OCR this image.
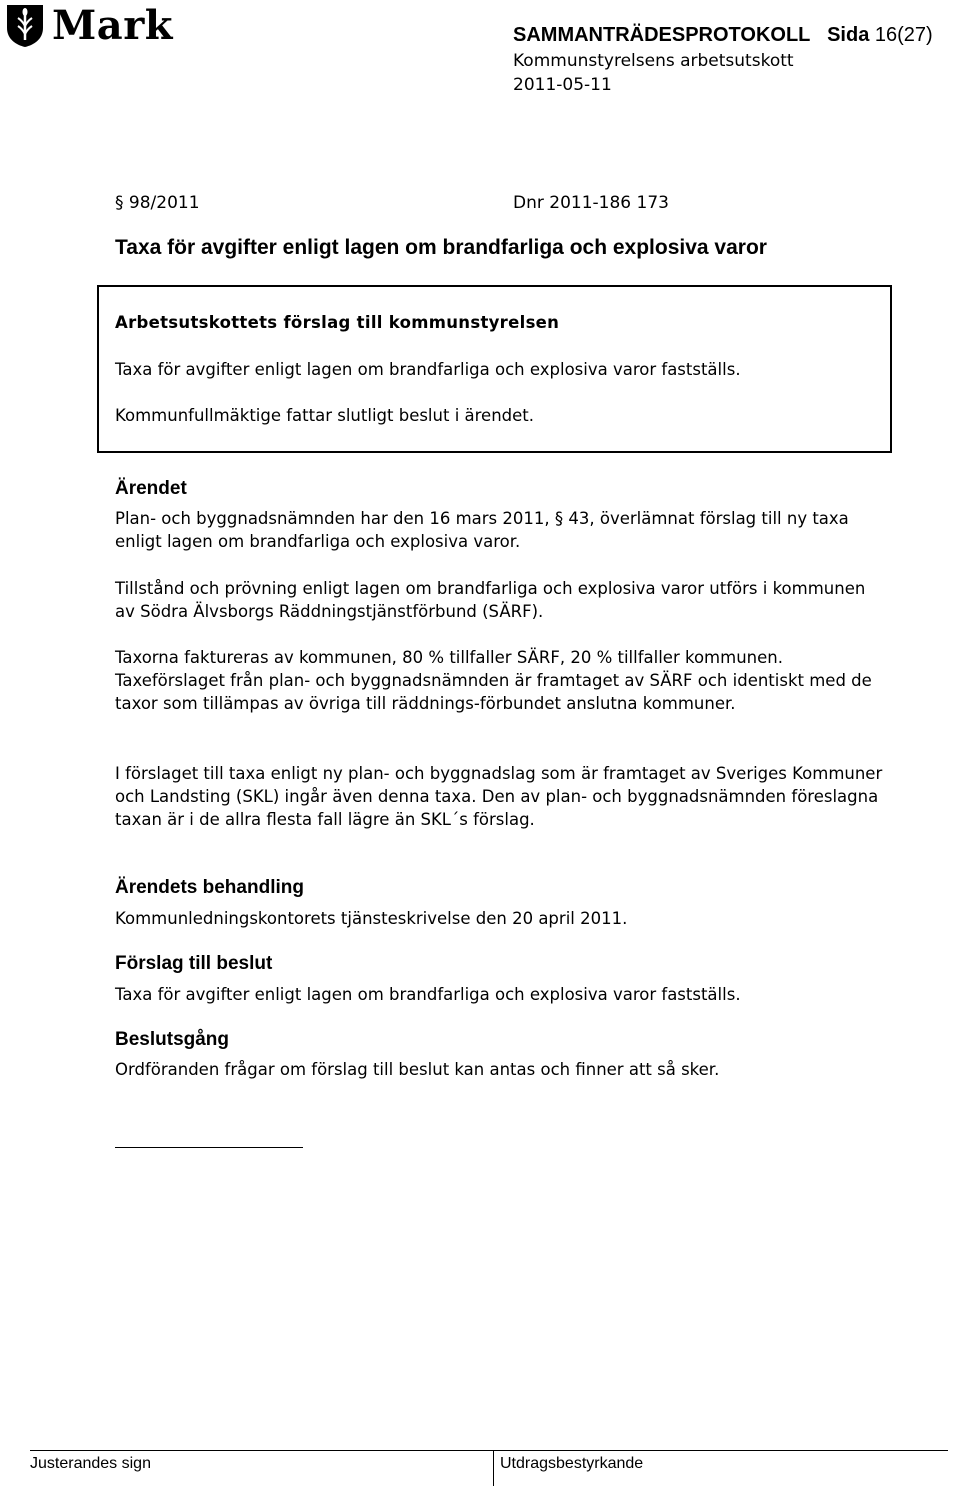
Mark	SAMMANTRÄDESPROTOKOLL Sida 16(27)
Kommunstyrelsens arbetsutskott
2011-05-11
§ 98/2011	Dnr 2011-186 173
Taxa för avgifter enligt lagen om brandfarliga och explosiva varor
Arbetsutskottets förslag till kommunstyrelsen
Taxa för avgifter enligt lagen om brandfarliga och explosiva varor fastställs.
Kommunfullmäktige fattar slutligt beslut i ärendet.
Ärendet
Plan- och byggnadsnämnden har den 16 mars 2011, § 43, överlämnat förslag till ny taxa enligt lagen om brandfarliga och explosiva varor.
Tillstånd och prövning enligt lagen om brandfarliga och explosiva varor utförs i kommunen av Södra Älvsborgs Räddningstjänstförbund (SÄRF).
Taxorna faktureras av kommunen, 80 % tillfaller SÄRF, 20 % tillfaller kommunen. Taxeförslaget från plan- och byggnadsnämnden är framtaget av SÄRF och identiskt med de taxor som tillämpas av övriga till räddnings-förbundet anslutna kommuner.
I förslaget till taxa enligt ny plan- och byggnadslag som är framtaget av Sveriges Kommuner och Landsting (SKL) ingår även denna taxa. Den av plan- och byggnadsnämnden föreslagna taxan är i de allra flesta fall lägre än SKL´s förslag.
Ärendets behandling
Kommunledningskontorets tjänsteskrivelse den 20 april 2011.
Förslag till beslut
Taxa för avgifter enligt lagen om brandfarliga och explosiva varor fastställs.
Beslutsgång
Ordföranden frågar om förslag till beslut kan antas och finner att så sker.
Justerandes sign	Utdragsbestyrkande
